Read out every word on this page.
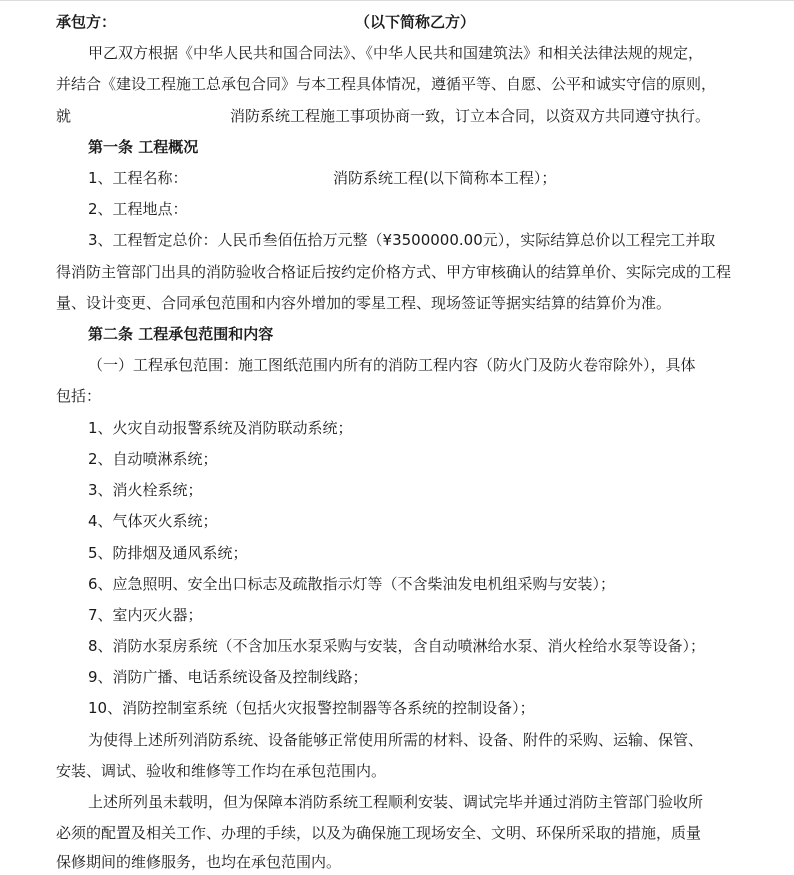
承包方：	（以下简称乙方）
甲乙双方根据《中华人民共和国合同法》、《中华人民共和国建筑法》和相关法律法规的规定，
并结合《建设工程施工总承包合同》与本工程具体情况，遵循平等、自愿、公平和诚实守信的原则，
就	消防系统工程施工事项协商一致，订立本合同，以资双方共同遵守执行。
第一条 工程概况
1、工程名称：	消防系统工程(以下简称本工程）；
2、工程地点：
3、工程暂定总价：人民币叁佰伍拾万元整（¥3500000.00元），实际结算总价以工程完工并取
得消防主管部门出具的消防验收合格证后按约定价格方式、甲方审核确认的结算单价、实际完成的工程
量、设计变更、合同承包范围和内容外增加的零星工程、现场签证等据实结算的结算价为准。
第二条 工程承包范围和内容
（一）工程承包范围：施工图纸范围内所有的消防工程内容（防火门及防火卷帘除外），具体
包括：
1、火灾自动报警系统及消防联动系统；
2、自动喷淋系统；
3、消火栓系统；
4、气体灭火系统；
5、防排烟及通风系统；
6、应急照明、安全出口标志及疏散指示灯等（不含柴油发电机组采购与安装）；
7、室内灭火器；
8、消防水泵房系统（不含加压水泵采购与安装，含自动喷淋给水泵、消火栓给水泵等设备）；
9、消防广播、电话系统设备及控制线路；
10、消防控制室系统（包括火灾报警控制器等各系统的控制设备）；
为使得上述所列消防系统、设备能够正常使用所需的材料、设备、附件的采购、运输、保管、
安装、调试、验收和维修等工作均在承包范围内。
上述所列虽未载明，但为保障本消防系统工程顺利安装、调试完毕并通过消防主管部门验收所
必须的配置及相关工作、办理的手续，以及为确保施工现场安全、文明、环保所采取的措施，质量
保修期间的维修服务，也均在承包范围内。
